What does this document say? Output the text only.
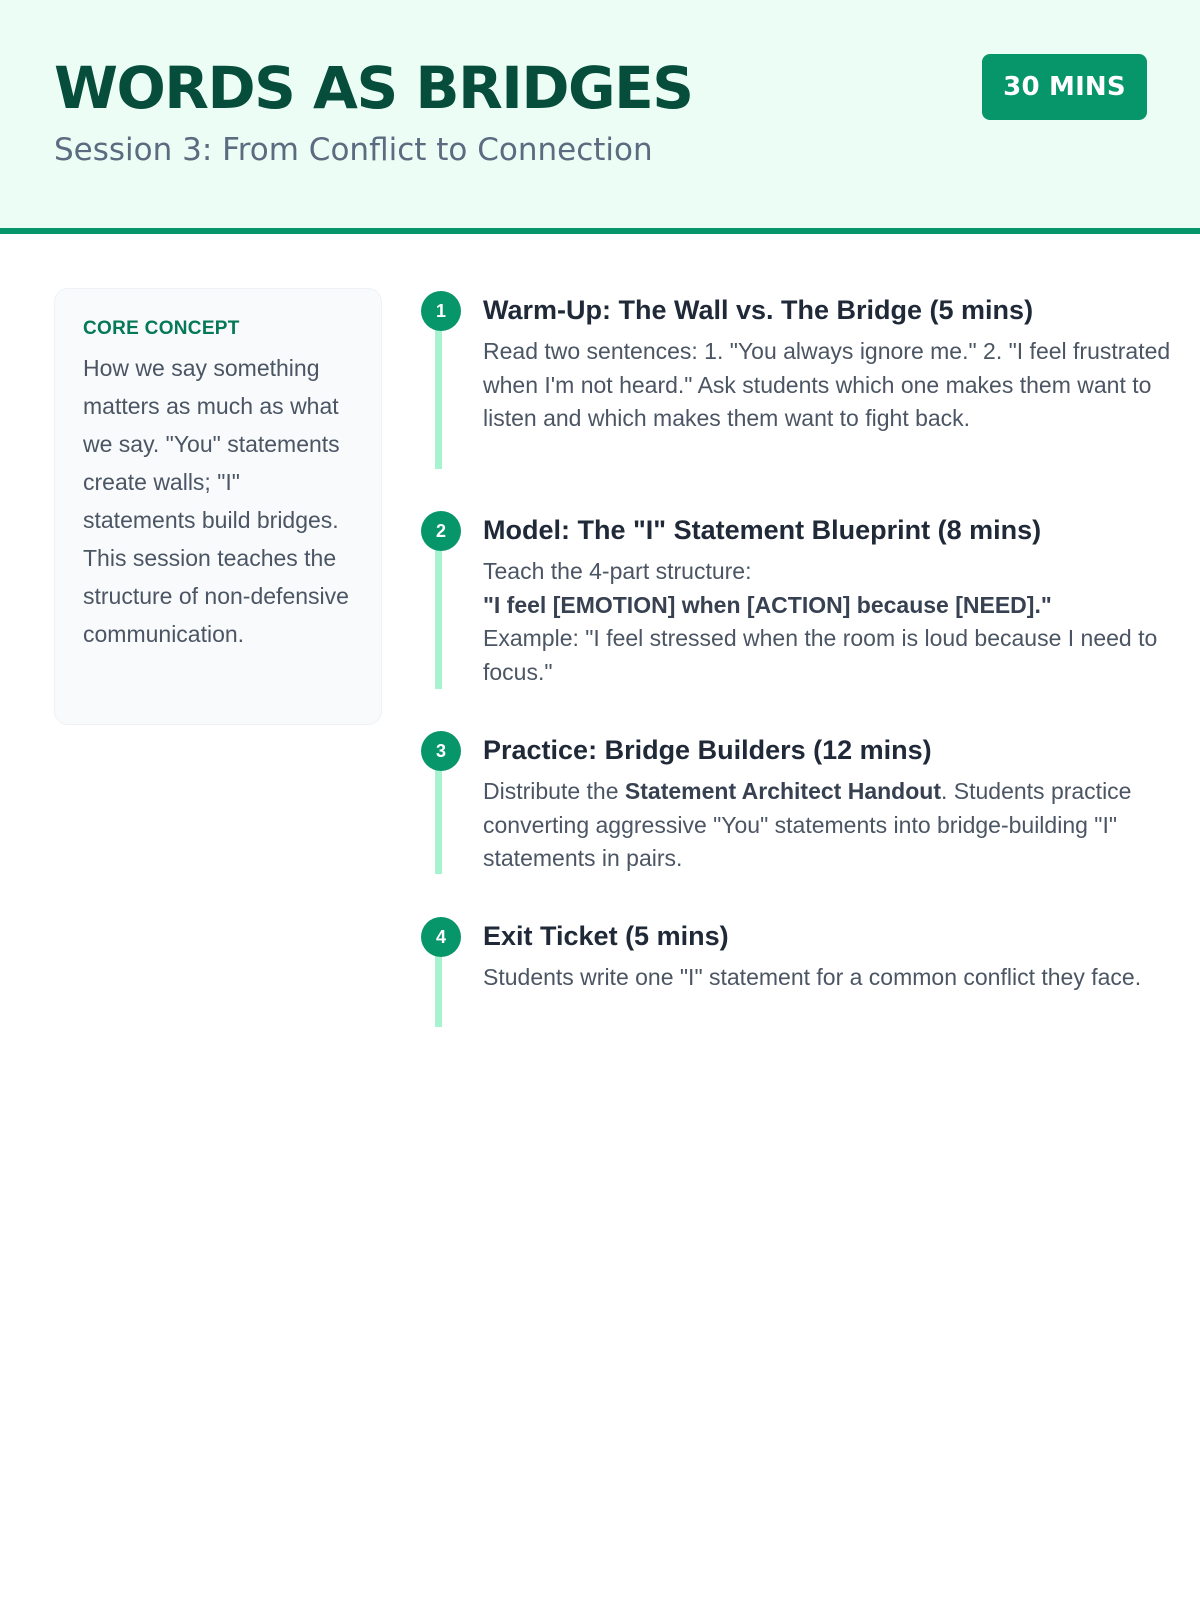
WORDS AS BRIDGES

Session 3: From Conflict to Connection

30 MINS

CORE CONCEPT

How we say something matters as much as what we say. "You" statements create walls; "I" statements build bridges. This session teaches the structure of non-defensive communication.

1	Warm-Up: The Wall vs. The Bridge (5 mins)

Read two sentences: 1. "You always ignore me." 2. "I feel frustrated when I'm not heard." Ask students which one makes them want to listen and which makes them want to fight back.

2	Model: The "I" Statement Blueprint (8 mins)

Teach the 4-part structure:
"I feel [EMOTION] when [ACTION] because [NEED]."
Example: "I feel stressed when the room is loud because I need to focus."

3	Practice: Bridge Builders (12 mins)

Distribute the Statement Architect Handout. Students practice converting aggressive "You" statements into bridge-building "I" statements in pairs.

4	Exit Ticket (5 mins)

Students write one "I" statement for a common conflict they face.
